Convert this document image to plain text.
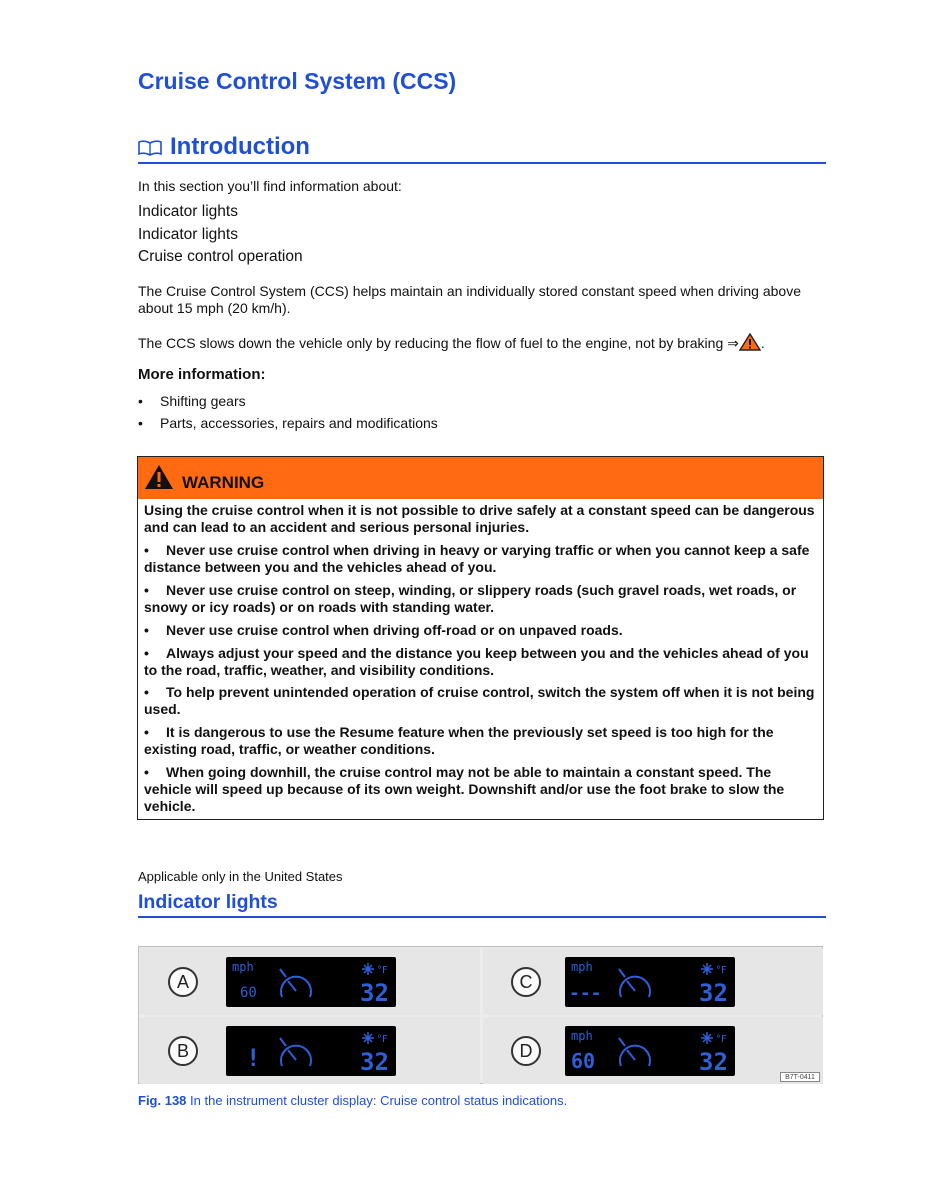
Cruise Control System (CCS)
Introduction

In this section you’ll find information about:

Indicator lights
Indicator lights
Cruise control operation

The Cruise Control System (CCS) helps maintain an individually stored constant speed when driving above about 15 mph (20 km/h).

The CCS slows down the vehicle only by reducing the flow of fuel to the engine, not by braking ⇒ .

More information:
• Shifting gears
• Parts, accessories, repairs and modifications
WARNING

Using the cruise control when it is not possible to drive safely at a constant speed can be dangerous and can lead to an accident and serious personal injuries.

• Never use cruise control when driving in heavy or varying traffic or when you cannot keep a safe distance between you and the vehicles ahead of you.

• Never use cruise control on steep, winding, or slippery roads (such gravel roads, wet roads, or snowy or icy roads) or on roads with standing water.

• Never use cruise control when driving off-road or on unpaved roads.

• Always adjust your speed and the distance you keep between you and the vehicles ahead of you to the road, traffic, weather, and visibility conditions.

• To help prevent unintended operation of cruise control, switch the system off when it is not being used.

• It is dangerous to use the Resume feature when the previously set speed is too high for the existing road, traffic, or weather conditions.

• When going downhill, the cruise control may not be able to maintain a constant speed. The vehicle will speed up because of its own weight. Downshift and/or use the foot brake to slow the vehicle.

Applicable only in the United States
Indicator lights
A
mph
60
°F
32	C
mph
---
°F
32
B	!
°F
32	D
mph
60
°F
32
B7T-0411

Fig. 138 In the instrument cluster display: Cruise control status indications.
